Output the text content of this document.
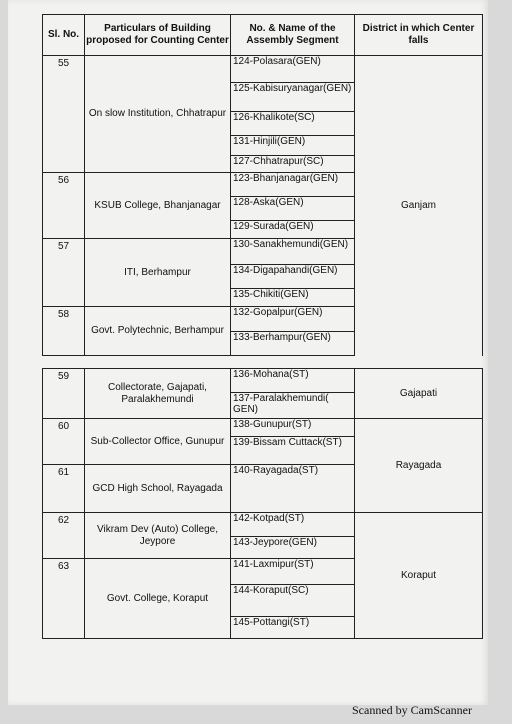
Sl. No.	Particulars of Building proposed for Counting Center	No. & Name of the Assembly Segment	District in which Center falls
55	On slow Institution, Chhatrapur	124-Polasara(GEN)	Ganjam
		125-Kabisuryanagar(GEN)	
		126-Khalikote(SC)	
		131-Hinjili(GEN)	
		127-Chhatrapur(SC)	
56	KSUB College, Bhanjanagar	123-Bhanjanagar(GEN)	
		128-Aska(GEN)	
		129-Surada(GEN)	
57	ITI, Berhampur	130-Sanakhemundi(GEN)	
		134-Digapahandi(GEN)	
		135-Chikiti(GEN)	
58	Govt. Polytechnic, Berhampur	132-Gopalpur(GEN)	
		133-Berhampur(GEN)	
59	Collectorate, Gajapati, Paralakhemundi	136-Mohana(ST)	Gajapati
		137-Paralakhemundi( GEN)	
60	Sub-Collector Office, Gunupur	138-Gunupur(ST)	Rayagada
		139-Bissam Cuttack(ST)	
61	GCD High School, Rayagada	140-Rayagada(ST)	
62	Vikram Dev (Auto) College, Jeypore	142-Kotpad(ST)	Koraput
		143-Jeypore(GEN)	
63	Govt. College, Koraput	141-Laxmipur(ST)	
		144-Koraput(SC)	
		145-Pottangi(ST)	
Scanned by CamScanner
